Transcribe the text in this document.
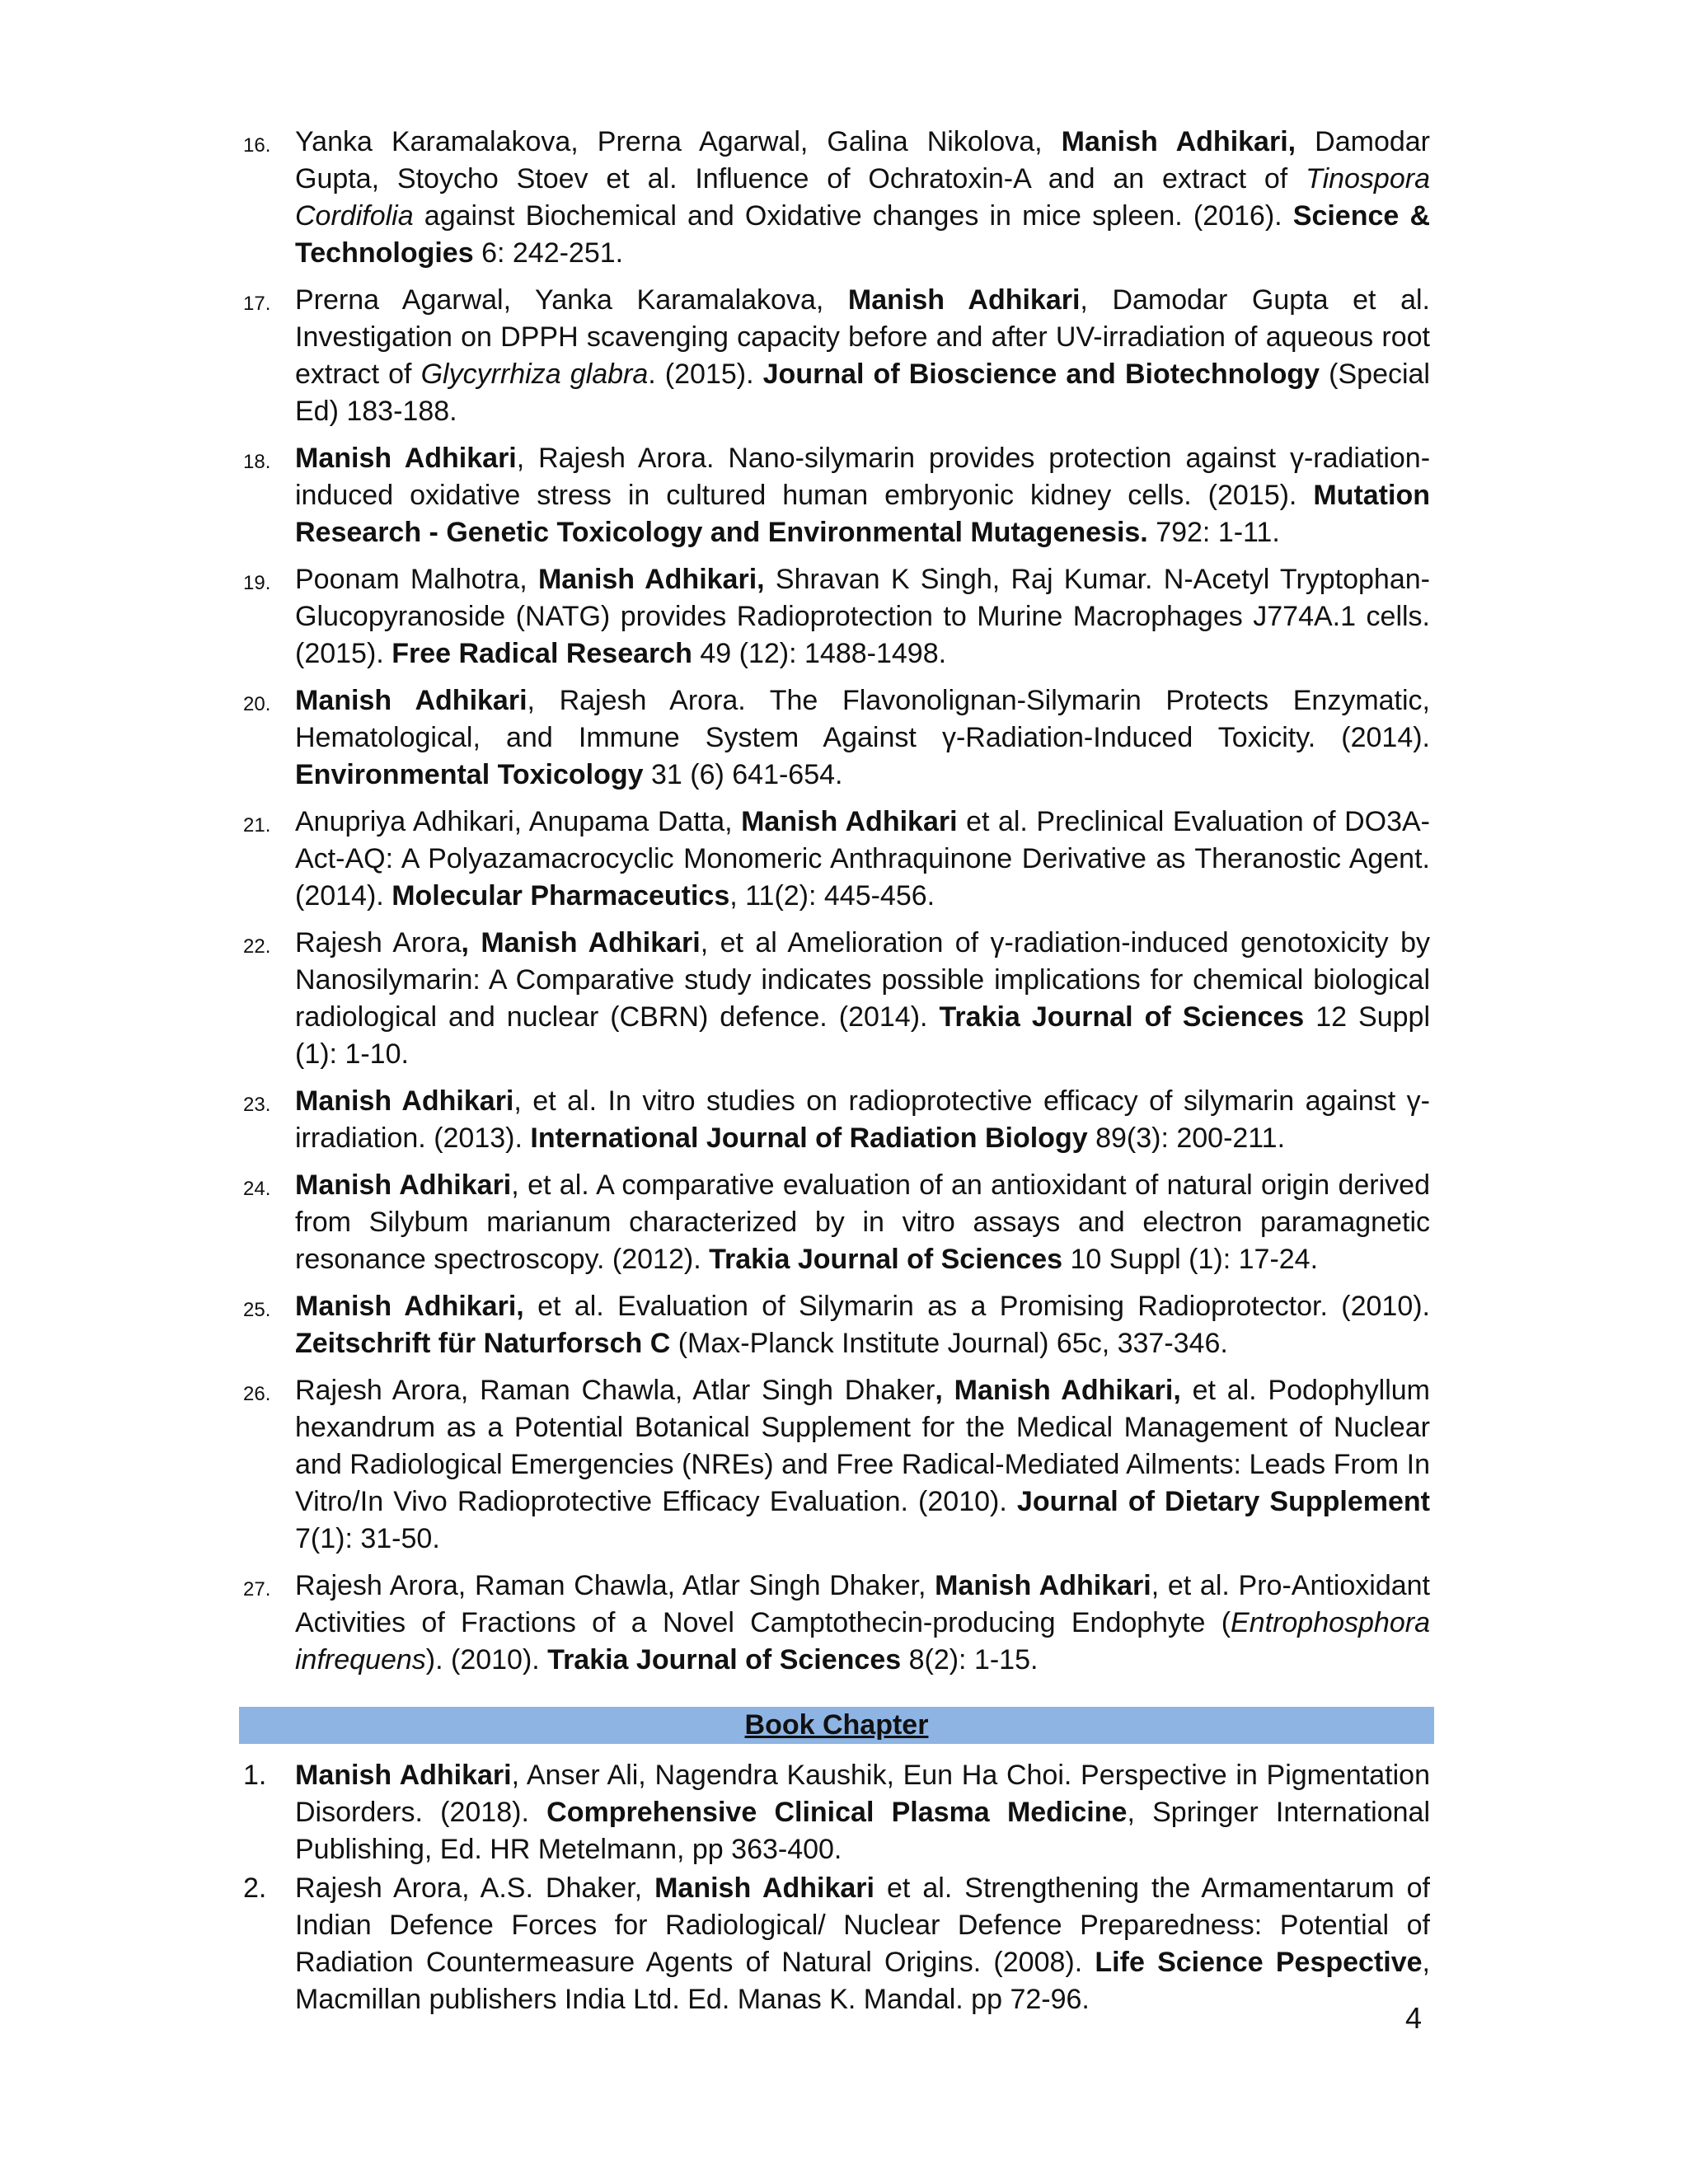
16. Yanka Karamalakova, Prerna Agarwal, Galina Nikolova, Manish Adhikari, Damodar Gupta, Stoycho Stoev et al. Influence of Ochratoxin-A and an extract of Tinospora Cordifolia against Biochemical and Oxidative changes in mice spleen. (2016). Science & Technologies 6: 242-251.
17. Prerna Agarwal, Yanka Karamalakova, Manish Adhikari, Damodar Gupta et al. Investigation on DPPH scavenging capacity before and after UV-irradiation of aqueous root extract of Glycyrrhiza glabra. (2015). Journal of Bioscience and Biotechnology (Special Ed) 183-188.
18. Manish Adhikari, Rajesh Arora. Nano-silymarin provides protection against γ-radiation-induced oxidative stress in cultured human embryonic kidney cells. (2015). Mutation Research - Genetic Toxicology and Environmental Mutagenesis. 792: 1-11.
19. Poonam Malhotra, Manish Adhikari, Shravan K Singh, Raj Kumar. N-Acetyl Tryptophan-Glucopyranoside (NATG) provides Radioprotection to Murine Macrophages J774A.1 cells. (2015). Free Radical Research 49 (12): 1488-1498.
20. Manish Adhikari, Rajesh Arora. The Flavonolignan-Silymarin Protects Enzymatic, Hematological, and Immune System Against γ-Radiation-Induced Toxicity. (2014). Environmental Toxicology 31 (6) 641-654.
21. Anupriya Adhikari, Anupama Datta, Manish Adhikari et al. Preclinical Evaluation of DO3A-Act-AQ: A Polyazamacrocyclic Monomeric Anthraquinone Derivative as Theranostic Agent. (2014). Molecular Pharmaceutics, 11(2): 445-456.
22. Rajesh Arora, Manish Adhikari, et al Amelioration of γ-radiation-induced genotoxicity by Nanosilymarin: A Comparative study indicates possible implications for chemical biological radiological and nuclear (CBRN) defence. (2014). Trakia Journal of Sciences 12 Suppl (1): 1-10.
23. Manish Adhikari, et al. In vitro studies on radioprotective efficacy of silymarin against γ-irradiation. (2013). International Journal of Radiation Biology 89(3): 200-211.
24. Manish Adhikari, et al. A comparative evaluation of an antioxidant of natural origin derived from Silybum marianum characterized by in vitro assays and electron paramagnetic resonance spectroscopy. (2012). Trakia Journal of Sciences 10 Suppl (1): 17-24.
25. Manish Adhikari, et al. Evaluation of Silymarin as a Promising Radioprotector. (2010). Zeitschrift für Naturforsch C (Max-Planck Institute Journal) 65c, 337-346.
26. Rajesh Arora, Raman Chawla, Atlar Singh Dhaker, Manish Adhikari, et al. Podophyllum hexandrum as a Potential Botanical Supplement for the Medical Management of Nuclear and Radiological Emergencies (NREs) and Free Radical-Mediated Ailments: Leads From In Vitro/In Vivo Radioprotective Efficacy Evaluation. (2010). Journal of Dietary Supplement 7(1): 31-50.
27. Rajesh Arora, Raman Chawla, Atlar Singh Dhaker, Manish Adhikari, et al. Pro-Antioxidant Activities of Fractions of a Novel Camptothecin-producing Endophyte (Entrophosphora infrequens). (2010). Trakia Journal of Sciences 8(2): 1-15.
Book Chapter
1.	Manish Adhikari, Anser Ali, Nagendra Kaushik, Eun Ha Choi. Perspective in Pigmentation Disorders. (2018). Comprehensive Clinical Plasma Medicine, Springer International Publishing, Ed. HR Metelmann, pp 363-400.
2.	Rajesh Arora, A.S. Dhaker, Manish Adhikari et al. Strengthening the Armamentarum of Indian Defence Forces for Radiological/ Nuclear Defence Preparedness: Potential of Radiation Countermeasure Agents of Natural Origins. (2008). Life Science Pespective, Macmillan publishers India Ltd. Ed. Manas K. Mandal. pp 72-96.
4
